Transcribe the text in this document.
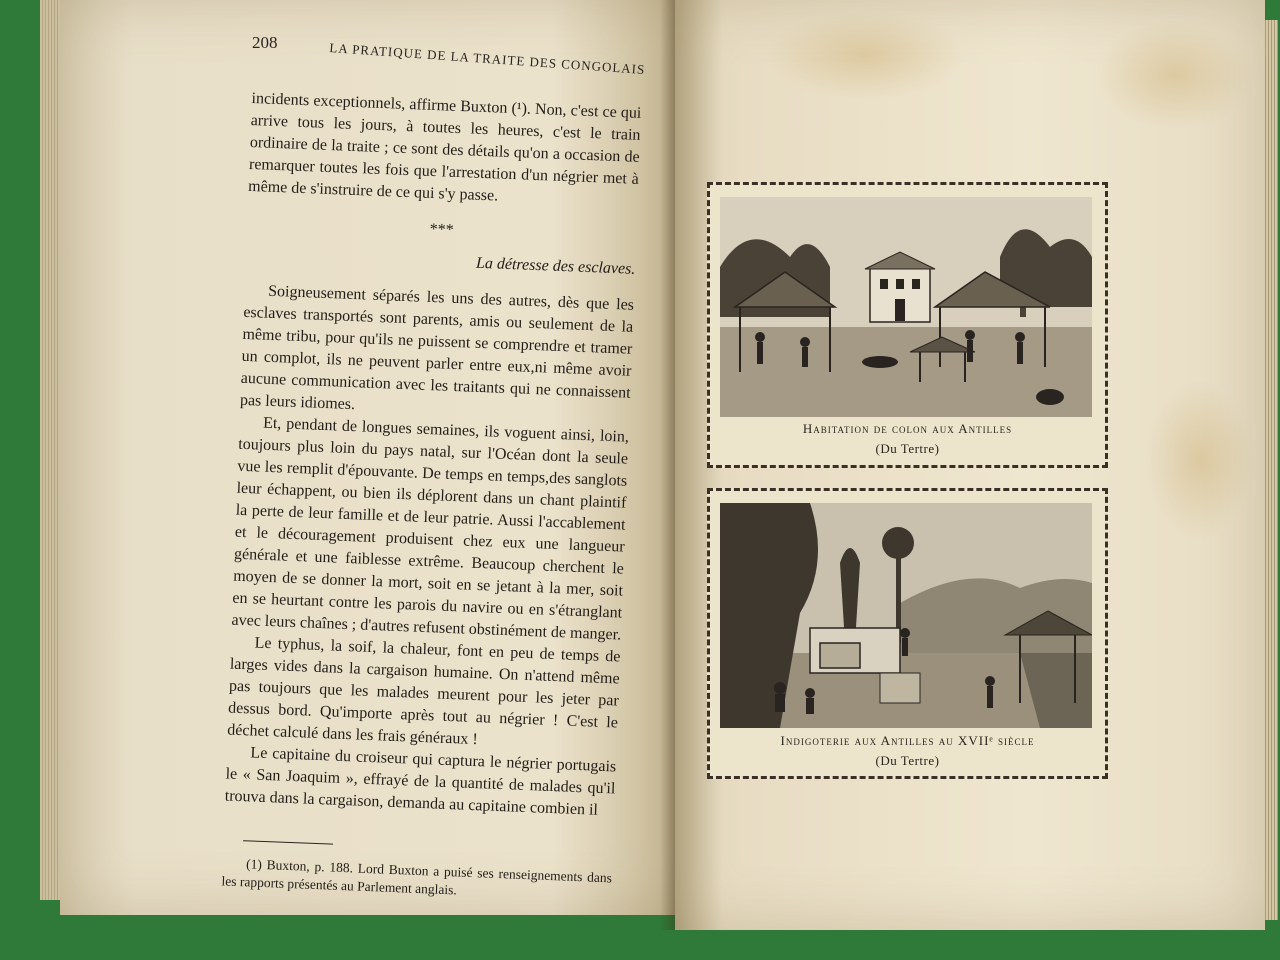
208	LA PRATIQUE DE LA TRAITE DES CONGOLAIS

incidents exceptionnels, affirme Buxton (¹). Non, c'est ce qui arrive tous les jours, à toutes les heures, c'est le train ordinaire de la traite ; ce sont des détails qu'on a occasion de remarquer toutes les fois que l'arrestation d'un négrier met à même de s'instruire de ce qui s'y passe.

***
La détresse des esclaves.

Soigneusement séparés les uns des autres, dès que les esclaves transportés sont parents, amis ou seulement de la même tribu, pour qu'ils ne puissent se comprendre et tramer un complot, ils ne peuvent parler entre eux,ni même avoir aucune communication avec les traitants qui ne connaissent pas leurs idiomes.

Et, pendant de longues semaines, ils voguent ainsi, loin, toujours plus loin du pays natal, sur l'Océan dont la seule vue les remplit d'épouvante. De temps en temps,des sanglots leur échappent, ou bien ils déplorent dans un chant plaintif la perte de leur famille et de leur patrie. Aussi l'accablement et le découragement produisent chez eux une langueur générale et une faiblesse extrême. Beaucoup cherchent le moyen de se donner la mort, soit en se jetant à la mer, soit en se heurtant contre les parois du navire ou en s'étranglant avec leurs chaînes ; d'autres refusent obstinément de manger.

Le typhus, la soif, la chaleur, font en peu de temps de larges vides dans la cargaison humaine. On n'attend même pas toujours que les malades meurent pour les jeter par dessus bord. Qu'importe après tout au négrier ! C'est le déchet calculé dans les frais généraux !

Le capitaine du croiseur qui captura le négrier portugais le « San Joaquim », effrayé de la quantité de malades qu'il trouva dans la cargaison, demanda au capitaine combien il

(1) Buxton, p. 188. Lord Buxton a puisé ses renseignements dans les rapports présentés au Parlement anglais.

Habitation de colon aux Antilles
(Du Tertre)
Indigoterie aux Antilles au XVIIᵉ siècle
(Du Tertre)
